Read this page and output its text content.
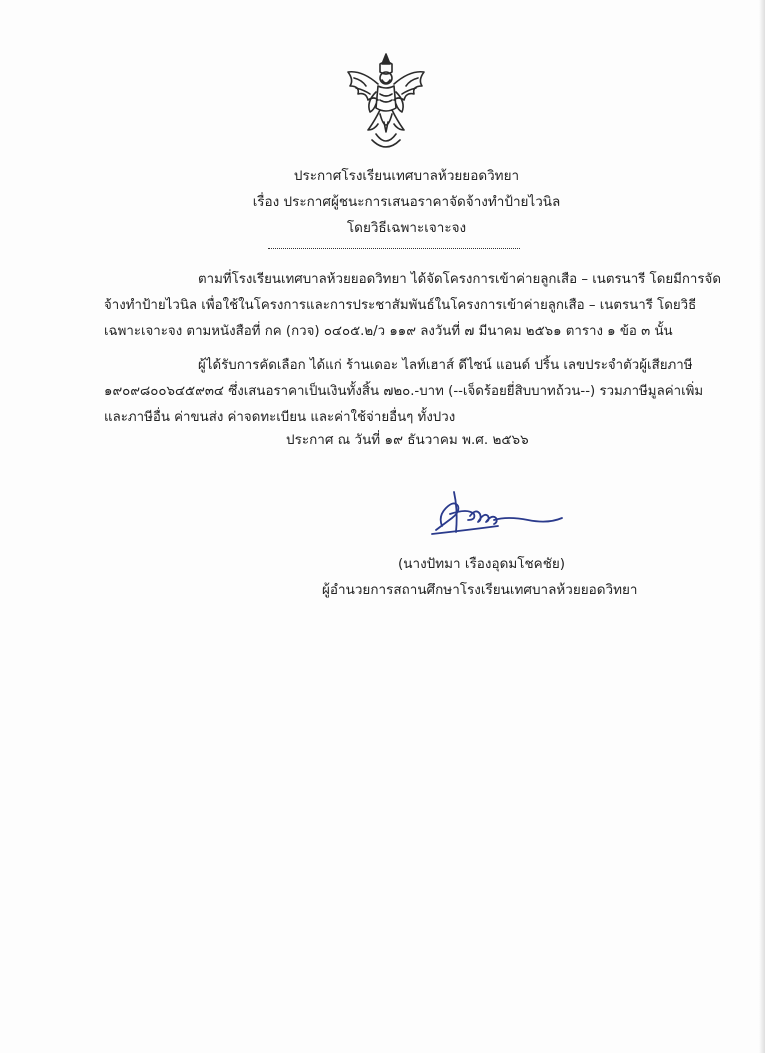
ประกาศโรงเรียนเทศบาลห้วยยอดวิทยา
เรื่อง ประกาศผู้ชนะการเสนอราคาจัดจ้างทำป้ายไวนิล
โดยวิธีเฉพาะเจาะจง
ตามที่โรงเรียนเทศบาลห้วยยอดวิทยา ได้จัดโครงการเข้าค่ายลูกเสือ – เนตรนารี โดยมีการจัด
จ้างทำป้ายไวนิล เพื่อใช้ในโครงการและการประชาสัมพันธ์ในโครงการเข้าค่ายลูกเสือ – เนตรนารี โดยวิธี
เฉพาะเจาะจง ตามหนังสือที่ กค (กวจ) ๐๔๐๕.๒/ว ๑๑๙ ลงวันที่ ๗ มีนาคม ๒๕๖๑ ตาราง ๑ ข้อ ๓ นั้น
ผู้ได้รับการคัดเลือก ได้แก่ ร้านเดอะ ไลท์เฮาส์ ดีไซน์ แอนด์ ปริ้น เลขประจำตัวผู้เสียภาษี
๑๙๐๙๘๐๐๖๔๕๙๓๔ ซึ่งเสนอราคาเป็นเงินทั้งสิ้น ๗๒๐.-บาท (--เจ็ดร้อยยี่สิบบาทถ้วน--) รวมภาษีมูลค่าเพิ่ม
และภาษีอื่น ค่าขนส่ง ค่าจดทะเบียน และค่าใช้จ่ายอื่นๆ ทั้งปวง
ประกาศ ณ วันที่ ๑๙ ธันวาคม พ.ศ. ๒๕๖๖
(นางปัทมา เรืองอุดมโชคชัย)
ผู้อำนวยการสถานศึกษาโรงเรียนเทศบาลห้วยยอดวิทยา
